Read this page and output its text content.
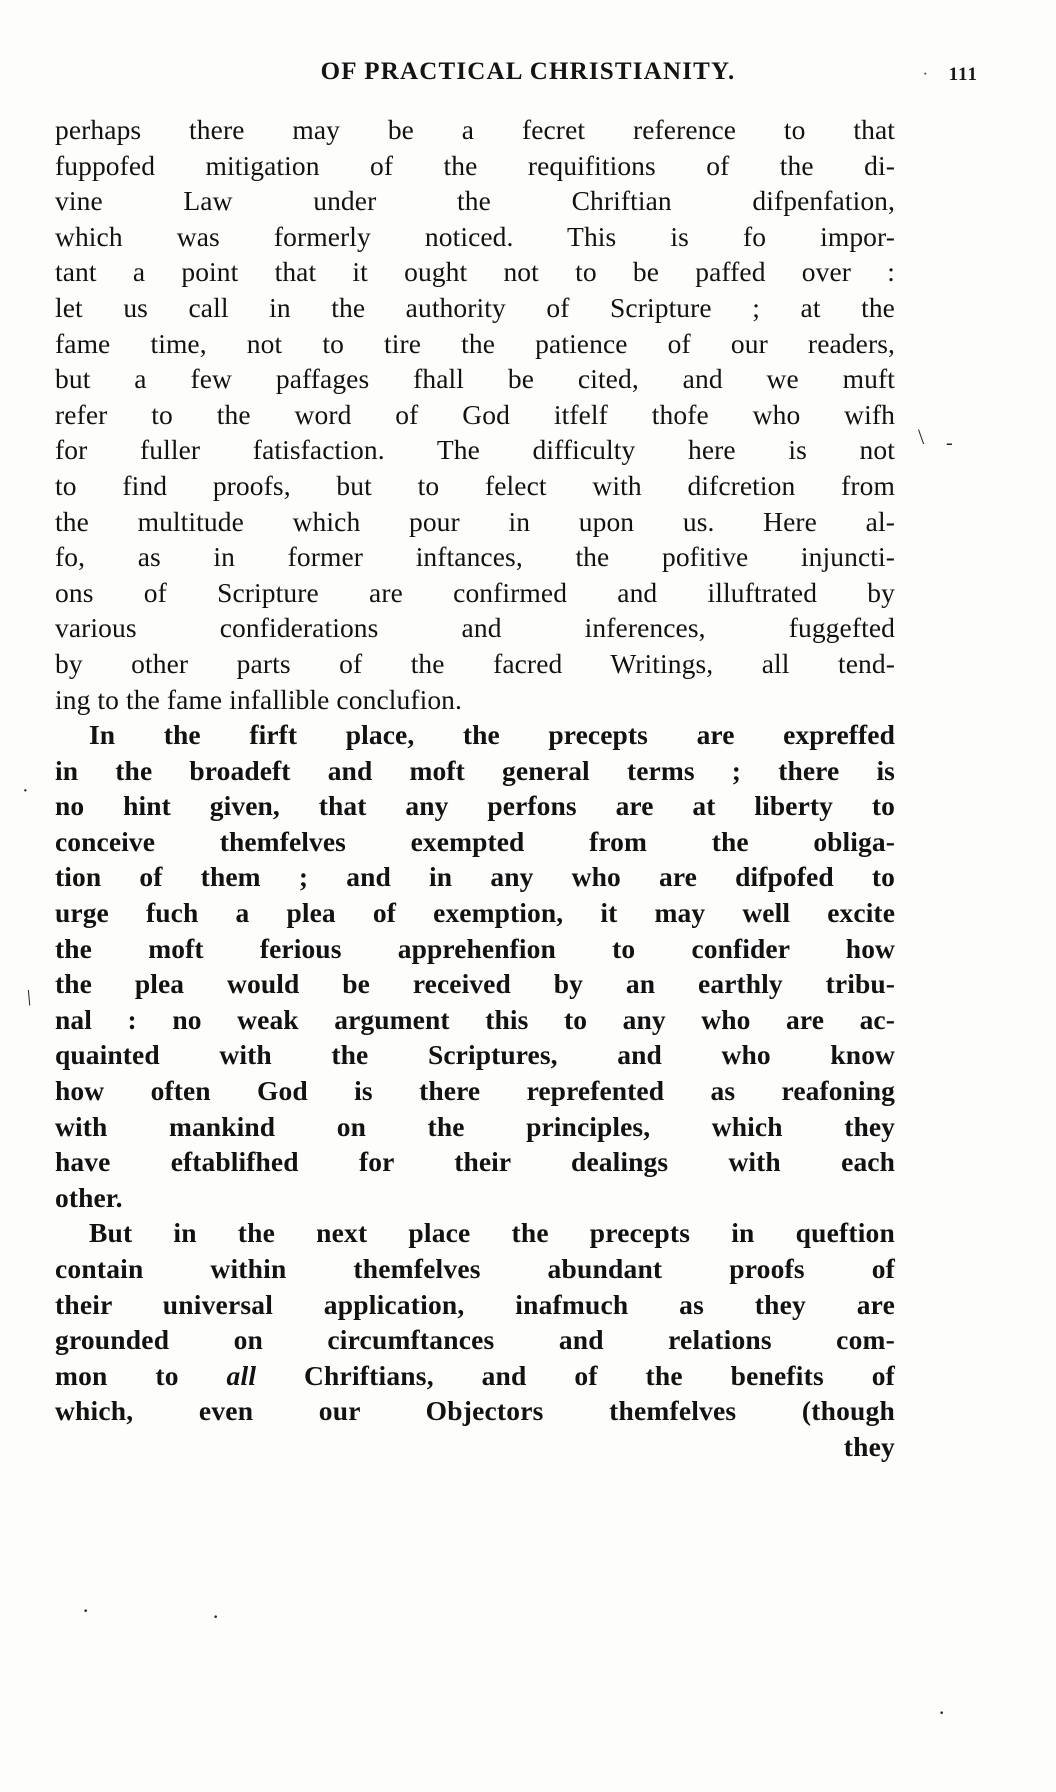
OF PRACTICAL CHRISTIANITY.	· 111
perhaps there may be a fecret reference to that
fuppofed mitigation of the requifitions of the di-
vine Law under the Chriftian difpenfation,
which was formerly noticed. This is fo impor-
tant a point that it ought not to be paffed over :
let us call in the authority of Scripture ; at the
fame time, not to tire the patience of our readers,
but a few paffages fhall be cited, and we muft
refer to the word of God itfelf thofe who wifh
for fuller fatisfaction. The difficulty here is not
to find proofs, but to felect with difcretion from
the multitude which pour in upon us. Here al-
fo, as in former inftances, the pofitive injuncti-
ons of Scripture are confirmed and illuftrated by
various confiderations and inferences, fuggefted
by other parts of the facred Writings, all tend-
ing to the fame infallible conclufion.
In the firft place, the precepts are expreffed
in the broadeft and moft general terms ; there is
no hint given, that any perfons are at liberty to
conceive themfelves exempted from the obliga-
tion of them ; and in any who are difpofed to
urge fuch a plea of exemption, it may well excite
the moft ferious apprehenfion to confider how
the plea would be received by an earthly tribu-
nal : no weak argument this to any who are ac-
quainted with the Scriptures, and who know
how often God is there reprefented as reafoning
with mankind on the principles, which they
have eftablifhed for their dealings with each
other.
But in the next place the precepts in queftion
contain within themfelves abundant proofs of
their universal application, inafmuch as they are
grounded on circumftances and relations com-
mon to all Chriftians, and of the benefits of
which, even our Objectors themfelves (though
they
\ -
·
\
·	·
·
